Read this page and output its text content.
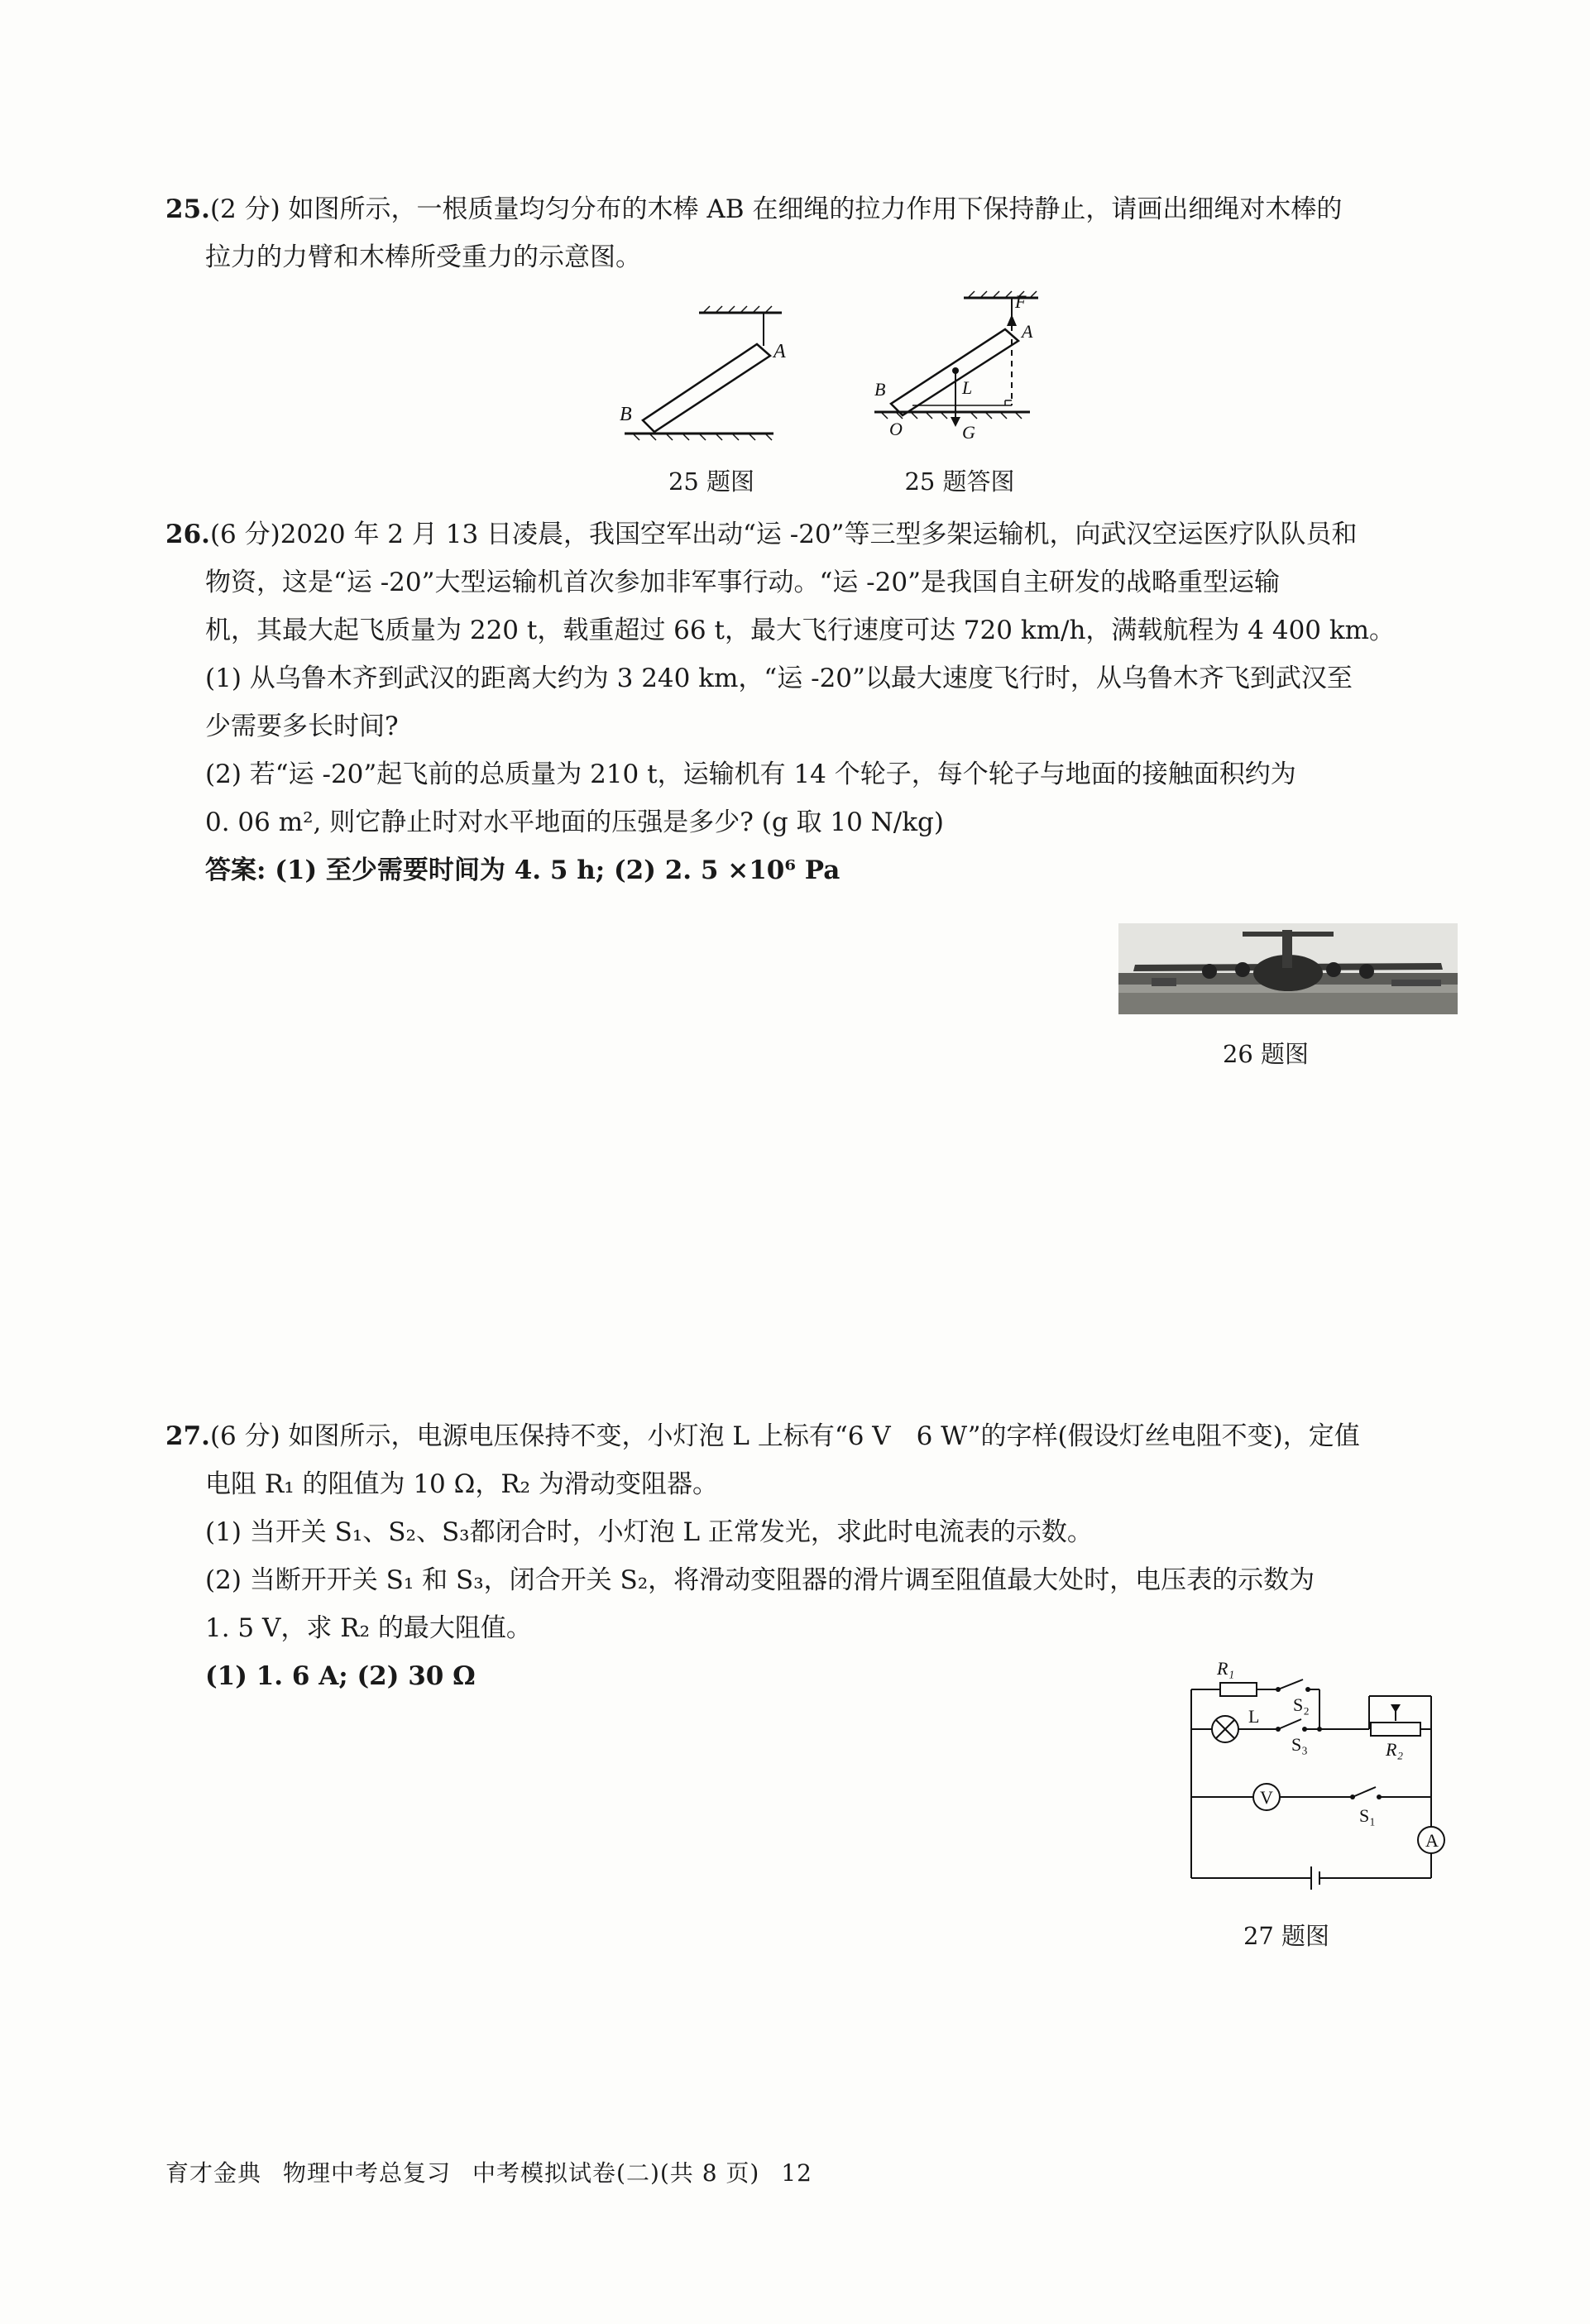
25.(2 分) 如图所示，一根质量均匀分布的木棒 AB 在细绳的拉力作用下保持静止，请画出细绳对木棒的

拉力的力臂和木棒所受重力的示意图。

A
B
F
A
B	L
O	G
25 题图	25 题答图

26.(6 分)2020 年 2 月 13 日凌晨，我国空军出动“运 -20”等三型多架运输机，向武汉空运医疗队队员和

物资，这是“运 -20”大型运输机首次参加非军事行动。“运 -20”是我国自主研发的战略重型运输

机，其最大起飞质量为 220 t，载重超过 66 t，最大飞行速度可达 720 km/h，满载航程为 4 400 km。

(1) 从乌鲁木齐到武汉的距离大约为 3 240 km，“运 -20”以最大速度飞行时，从乌鲁木齐飞到武汉至

少需要多长时间?

(2) 若“运 -20”起飞前的总质量为 210 t，运输机有 14 个轮子，每个轮子与地面的接触面积约为

0. 06 m², 则它静止时对水平地面的压强是多少? (g 取 10 N/kg)

答案: (1) 至少需要时间为 4. 5 h; (2) 2. 5 ×10⁶ Pa

26 题图

27.(6 分) 如图所示，电源电压保持不变，小灯泡 L 上标有“6 V　6 W”的字样(假设灯丝电阻不变)，定值

电阻 R₁ 的阻值为 10 Ω，R₂ 为滑动变阻器。

(1) 当开关 S₁、S₂、S₃都闭合时，小灯泡 L 正常发光，求此时电流表的示数。

(2) 当断开开关 S₁ 和 S₃，闭合开关 S₂，将滑动变阻器的滑片调至阻值最大处时，电压表的示数为

1. 5 V，求 R₂ 的最大阻值。

(1) 1. 6 A; (2) 30 Ω	R₁
S₂
L
S₃	R₂
V
S₁
A
27 题图
育才金典 物理中考总复习 中考模拟试卷(二)(共 8 页) 12
